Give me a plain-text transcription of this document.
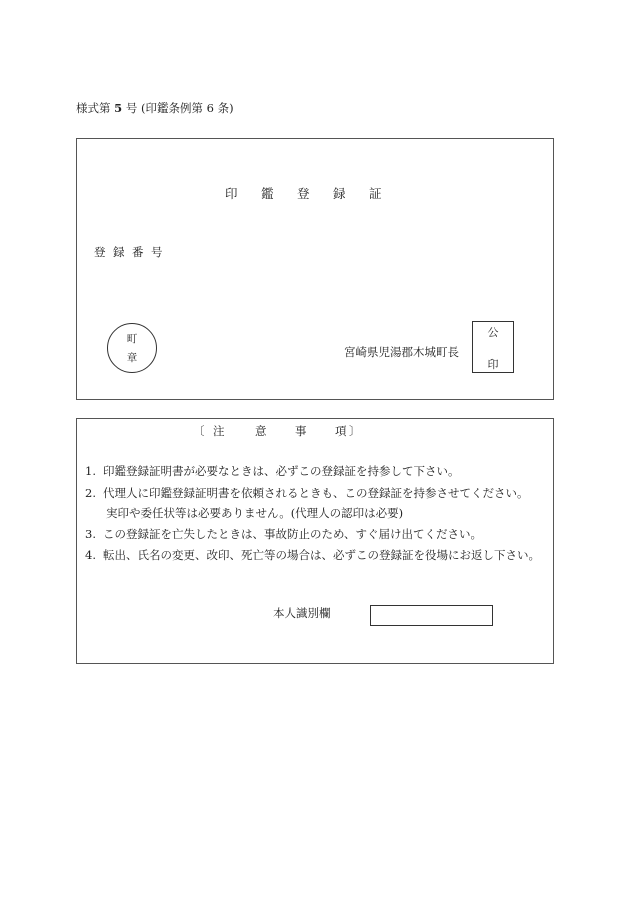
様式第 5 号 (印鑑条例第 6 条)
印 鑑 登 録 証
登 録 番 号
町
章	宮崎県児湯郡木城町長
公
印
〔 注	意 事 項 〕
1. 印鑑登録証明書が必要なときは、必ずこの登録証を持参して下さい。
2. 代理人に印鑑登録証明書を依頼されるときも、この登録証を持参させてください。
実印や委任状等は必要ありません。(代理人の認印は必要)
3. この登録証を亡失したときは、事故防止のため、すぐ届け出てください。
4. 転出、氏名の変更、改印、死亡等の場合は、必ずこの登録証を役場にお返し下さい。
本人識別欄
